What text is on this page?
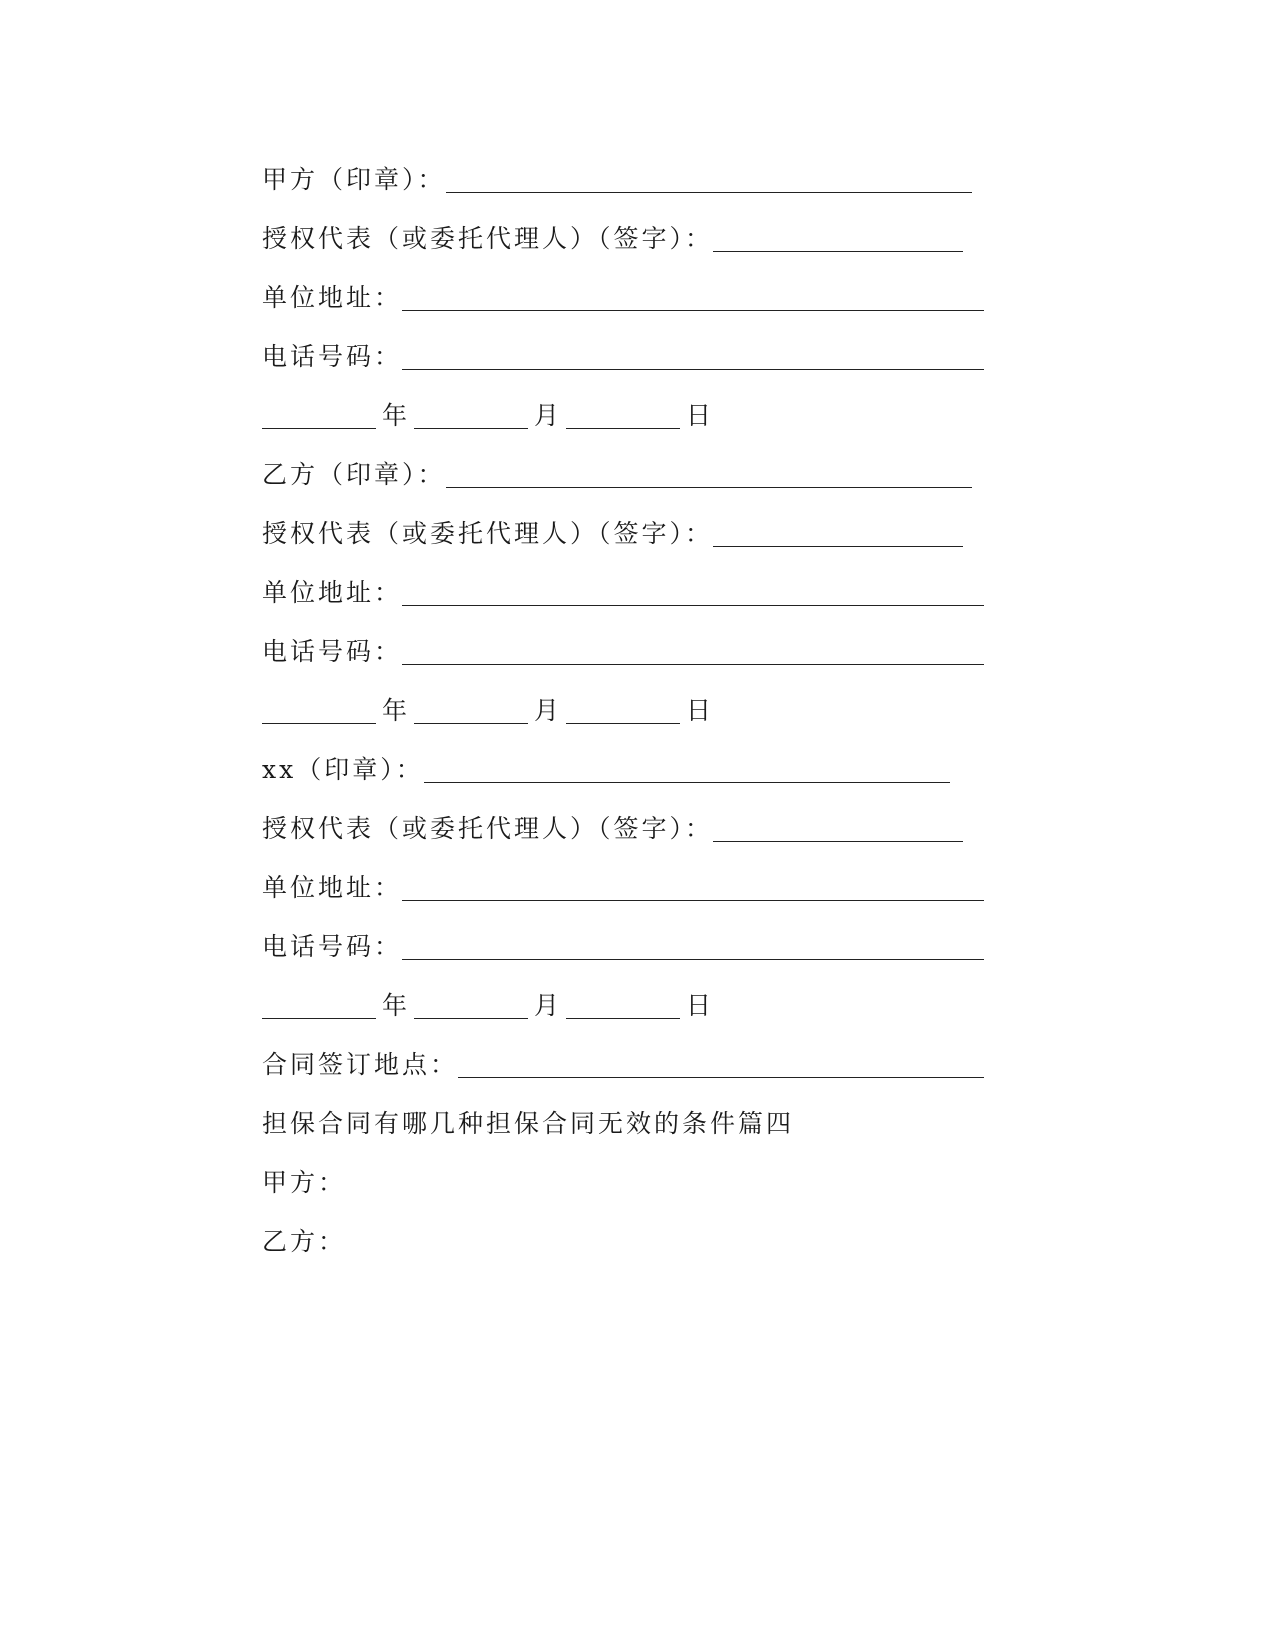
甲方（印章）：
授权代表（或委托代理人）（签字）：
单位地址：
电话号码：
年	月	日
乙方（印章）：
授权代表（或委托代理人）（签字）：
单位地址：
电话号码：
年	月	日
xx（印章）：
授权代表（或委托代理人）（签字）：
单位地址：
电话号码：
年	月	日
合同签订地点：
担保合同有哪几种担保合同无效的条件篇四
甲方：
乙方：
